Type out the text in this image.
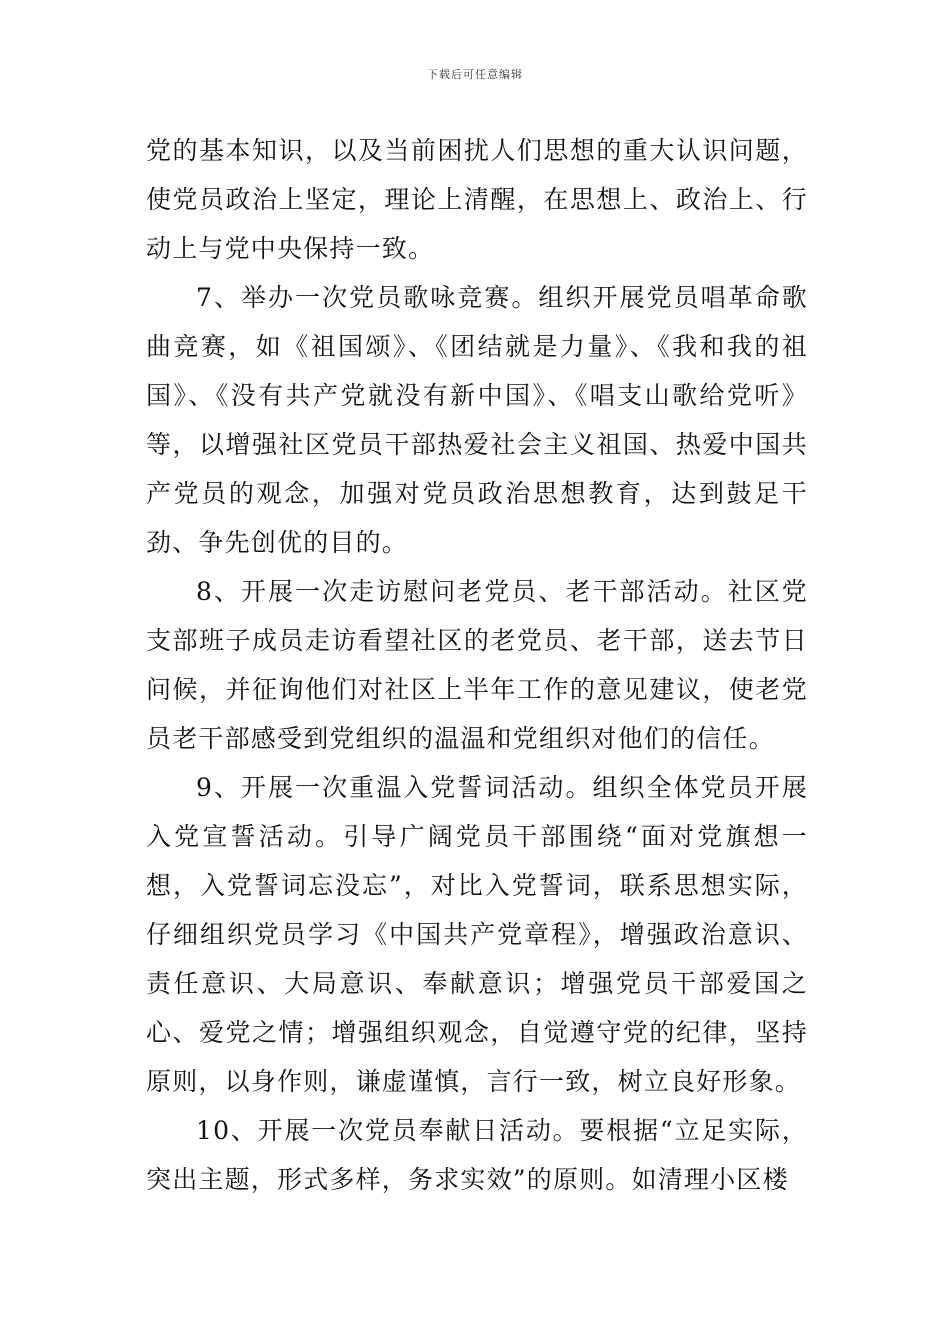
下载后可任意编辑

党的基本知识，以及当前困扰人们思想的重大认识问题，使党员政治上坚定，理论上清醒，在思想上、政治上、行动上与党中央保持一致。

7、举办一次党员歌咏竞赛。组织开展党员唱革命歌曲竞赛，如《祖国颂》、《团结就是力量》、《我和我的祖国》、《没有共产党就没有新中国》、《唱支山歌给党听》等，以增强社区党员干部热爱社会主义祖国、热爱中国共产党员的观念，加强对党员政治思想教育，达到鼓足干劲、争先创优的目的。

8、开展一次走访慰问老党员、老干部活动。社区党支部班子成员走访看望社区的老党员、老干部，送去节日问候，并征询他们对社区上半年工作的意见建议，使老党员老干部感受到党组织的温温和党组织对他们的信任。

9、开展一次重温入党誓词活动。组织全体党员开展入党宣誓活动。引导广阔党员干部围绕“面对党旗想一想，入党誓词忘没忘”，对比入党誓词，联系思想实际，仔细组织党员学习《中国共产党章程》，增强政治意识、责任意识、大局意识、奉献意识；增强党员干部爱国之心、爱党之情；增强组织观念，自觉遵守党的纪律，坚持原则，以身作则，谦虚谨慎，言行一致，树立良好形象。

10、开展一次党员奉献日活动。要根据“立足实际，突出主题，形式多样，务求实效”的原则。如清理小区楼
